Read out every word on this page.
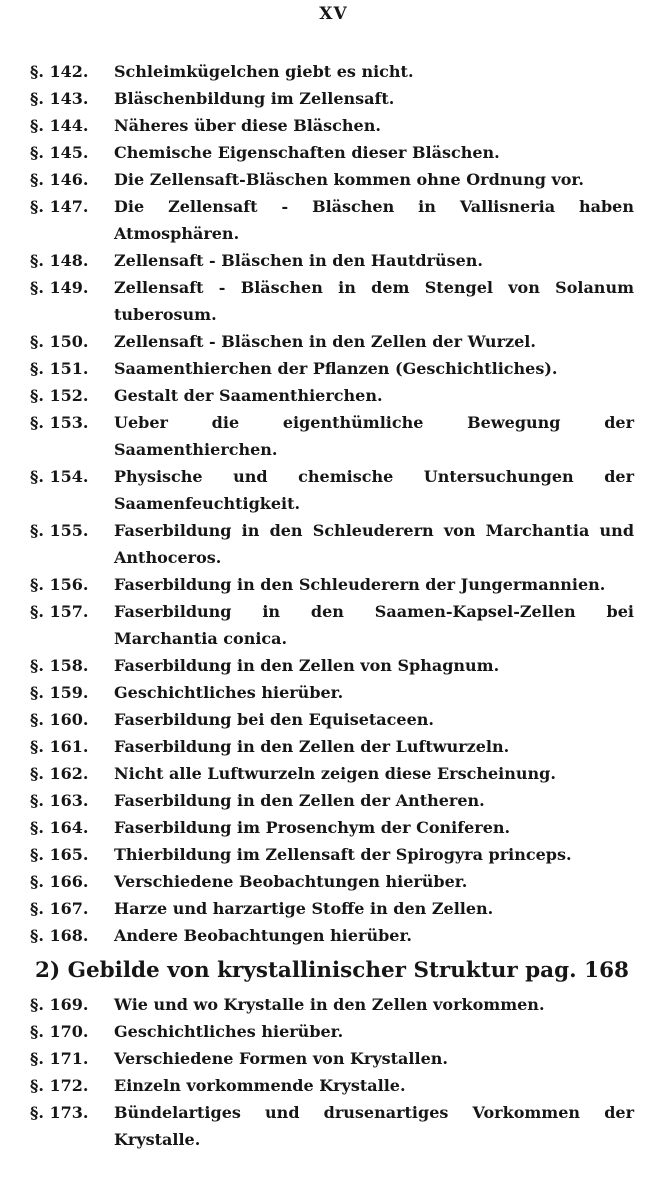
XV
§. 142.	Schleimkügelchen giebt es nicht.
§. 143.	Bläschenbildung im Zellensaft.
§. 144.	Näheres über diese Bläschen.
§. 145.	Chemische Eigenschaften dieser Bläschen.
§. 146.	Die Zellensaft-Bläschen kommen ohne Ordnung vor.
§. 147.	Die Zellensaft - Bläschen in Vallisneria haben Atmosphären.
§. 148.	Zellensaft - Bläschen in den Hautdrüsen.
§. 149.	Zellensaft - Bläschen in dem Stengel von Solanum tuberosum.
§. 150.	Zellensaft - Bläschen in den Zellen der Wurzel.
§. 151.	Saamenthierchen der Pflanzen (Geschichtliches).
§. 152.	Gestalt der Saamenthierchen.
§. 153.	Ueber die eigenthümliche Bewegung der Saamenthierchen.
§. 154.	Physische und chemische Untersuchungen der Saamenfeuchtigkeit.
§. 155.	Faserbildung in den Schleuderern von Marchantia und Anthoceros.
§. 156.	Faserbildung in den Schleuderern der Jungermannien.
§. 157.	Faserbildung in den Saamen-Kapsel-Zellen bei Marchantia conica.
§. 158.	Faserbildung in den Zellen von Sphagnum.
§. 159.	Geschichtliches hierüber.
§. 160.	Faserbildung bei den Equisetaceen.
§. 161.	Faserbildung in den Zellen der Luftwurzeln.
§. 162.	Nicht alle Luftwurzeln zeigen diese Erscheinung.
§. 163.	Faserbildung in den Zellen der Antheren.
§. 164.	Faserbildung im Prosenchym der Coniferen.
§. 165.	Thierbildung im Zellensaft der Spirogyra princeps.
§. 166.	Verschiedene Beobachtungen hierüber.
§. 167.	Harze und harzartige Stoffe in den Zellen.
§. 168.	Andere Beobachtungen hierüber.
2) Gebilde von krystallinischer Struktur pag. 168
§. 169.	Wie und wo Krystalle in den Zellen vorkommen.
§. 170.	Geschichtliches hierüber.
§. 171.	Verschiedene Formen von Krystallen.
§. 172.	Einzeln vorkommende Krystalle.
§. 173.	Bündelartiges und drusenartiges Vorkommen der Krystalle.
